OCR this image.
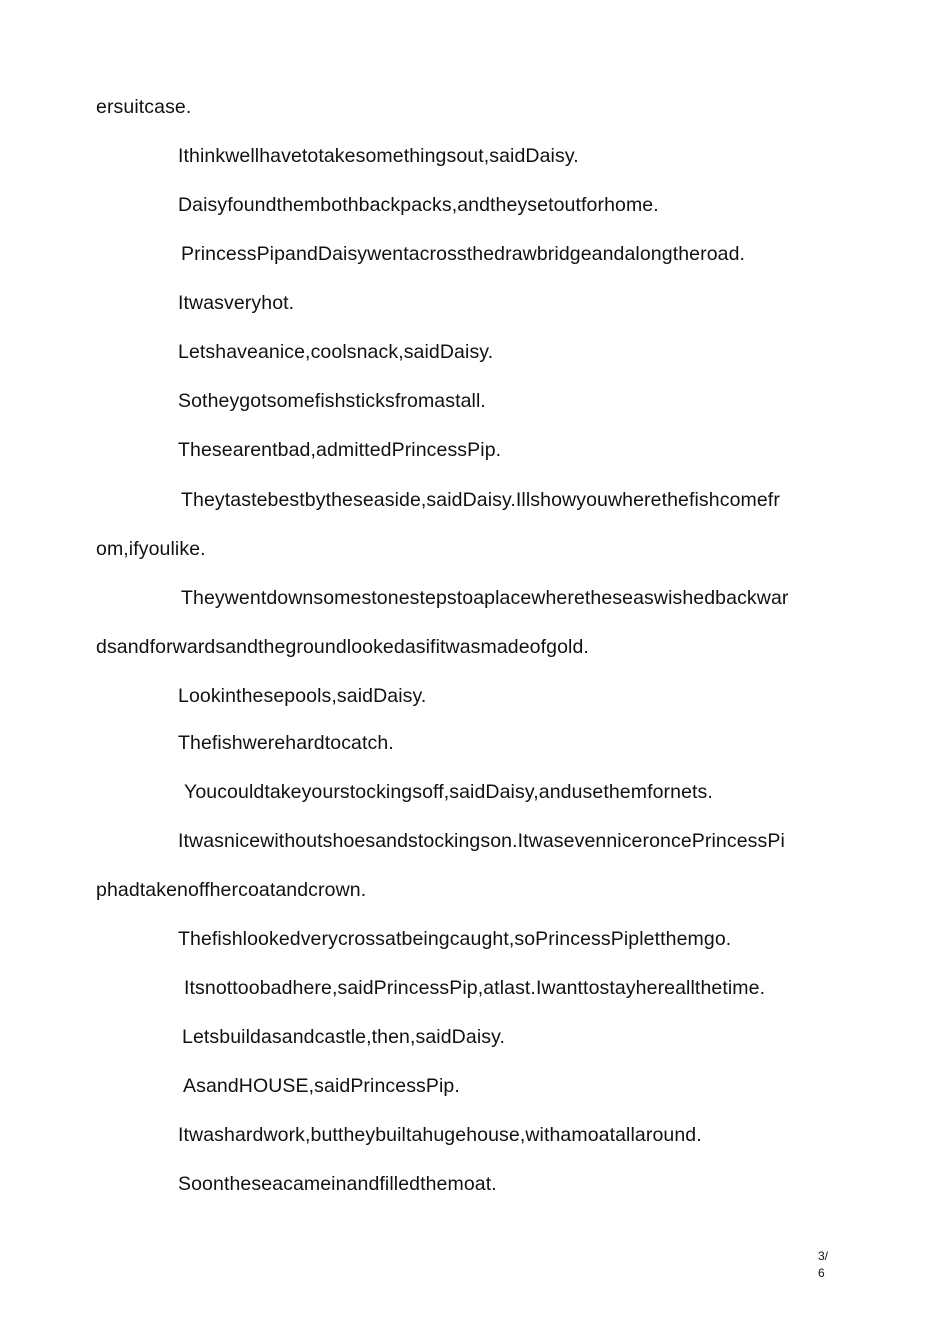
ersuitcase.
Ithinkwellhavetotakesomethingsout,saidDaisy.
Daisyfoundthembothbackpacks,andtheysetoutforhome.
PrincessPipandDaisywentacrossthedrawbridgeandalongtheroad.
Itwasveryhot.
Letshaveanice,coolsnack,saidDaisy.
Sotheygotsomefishsticksfromastall.
Thesearentbad,admittedPrincessPip.
Theytastebestbytheseaside,saidDaisy.Illshowyouwherethefishcomefr
om,ifyoulike.
Theywentdownsomestonestepstoaplacewheretheseaswishedbackwar
dsandforwardsandthegroundlookedasifitwasmadeofgold.
Lookinthesepools,saidDaisy.
Thefishwerehardtocatch.
Youcouldtakeyourstockingsoff,saidDaisy,andusethemfornets.
Itwasnicewithoutshoesandstockingson.ItwasevenniceroncePrincessPi
phadtakenoffhercoatandcrown.
Thefishlookedverycrossatbeingcaught,soPrincessPipletthemgo.
Itsnottoobadhere,saidPrincessPip,atlast.Iwanttostayhereallthetime.
Letsbuildasandcastle,then,saidDaisy.
AsandHOUSE,saidPrincessPip.
Itwashardwork,buttheybuiltahugehouse,withamoatallaround.
Soontheseacameinandfilledthemoat.
3/
6
